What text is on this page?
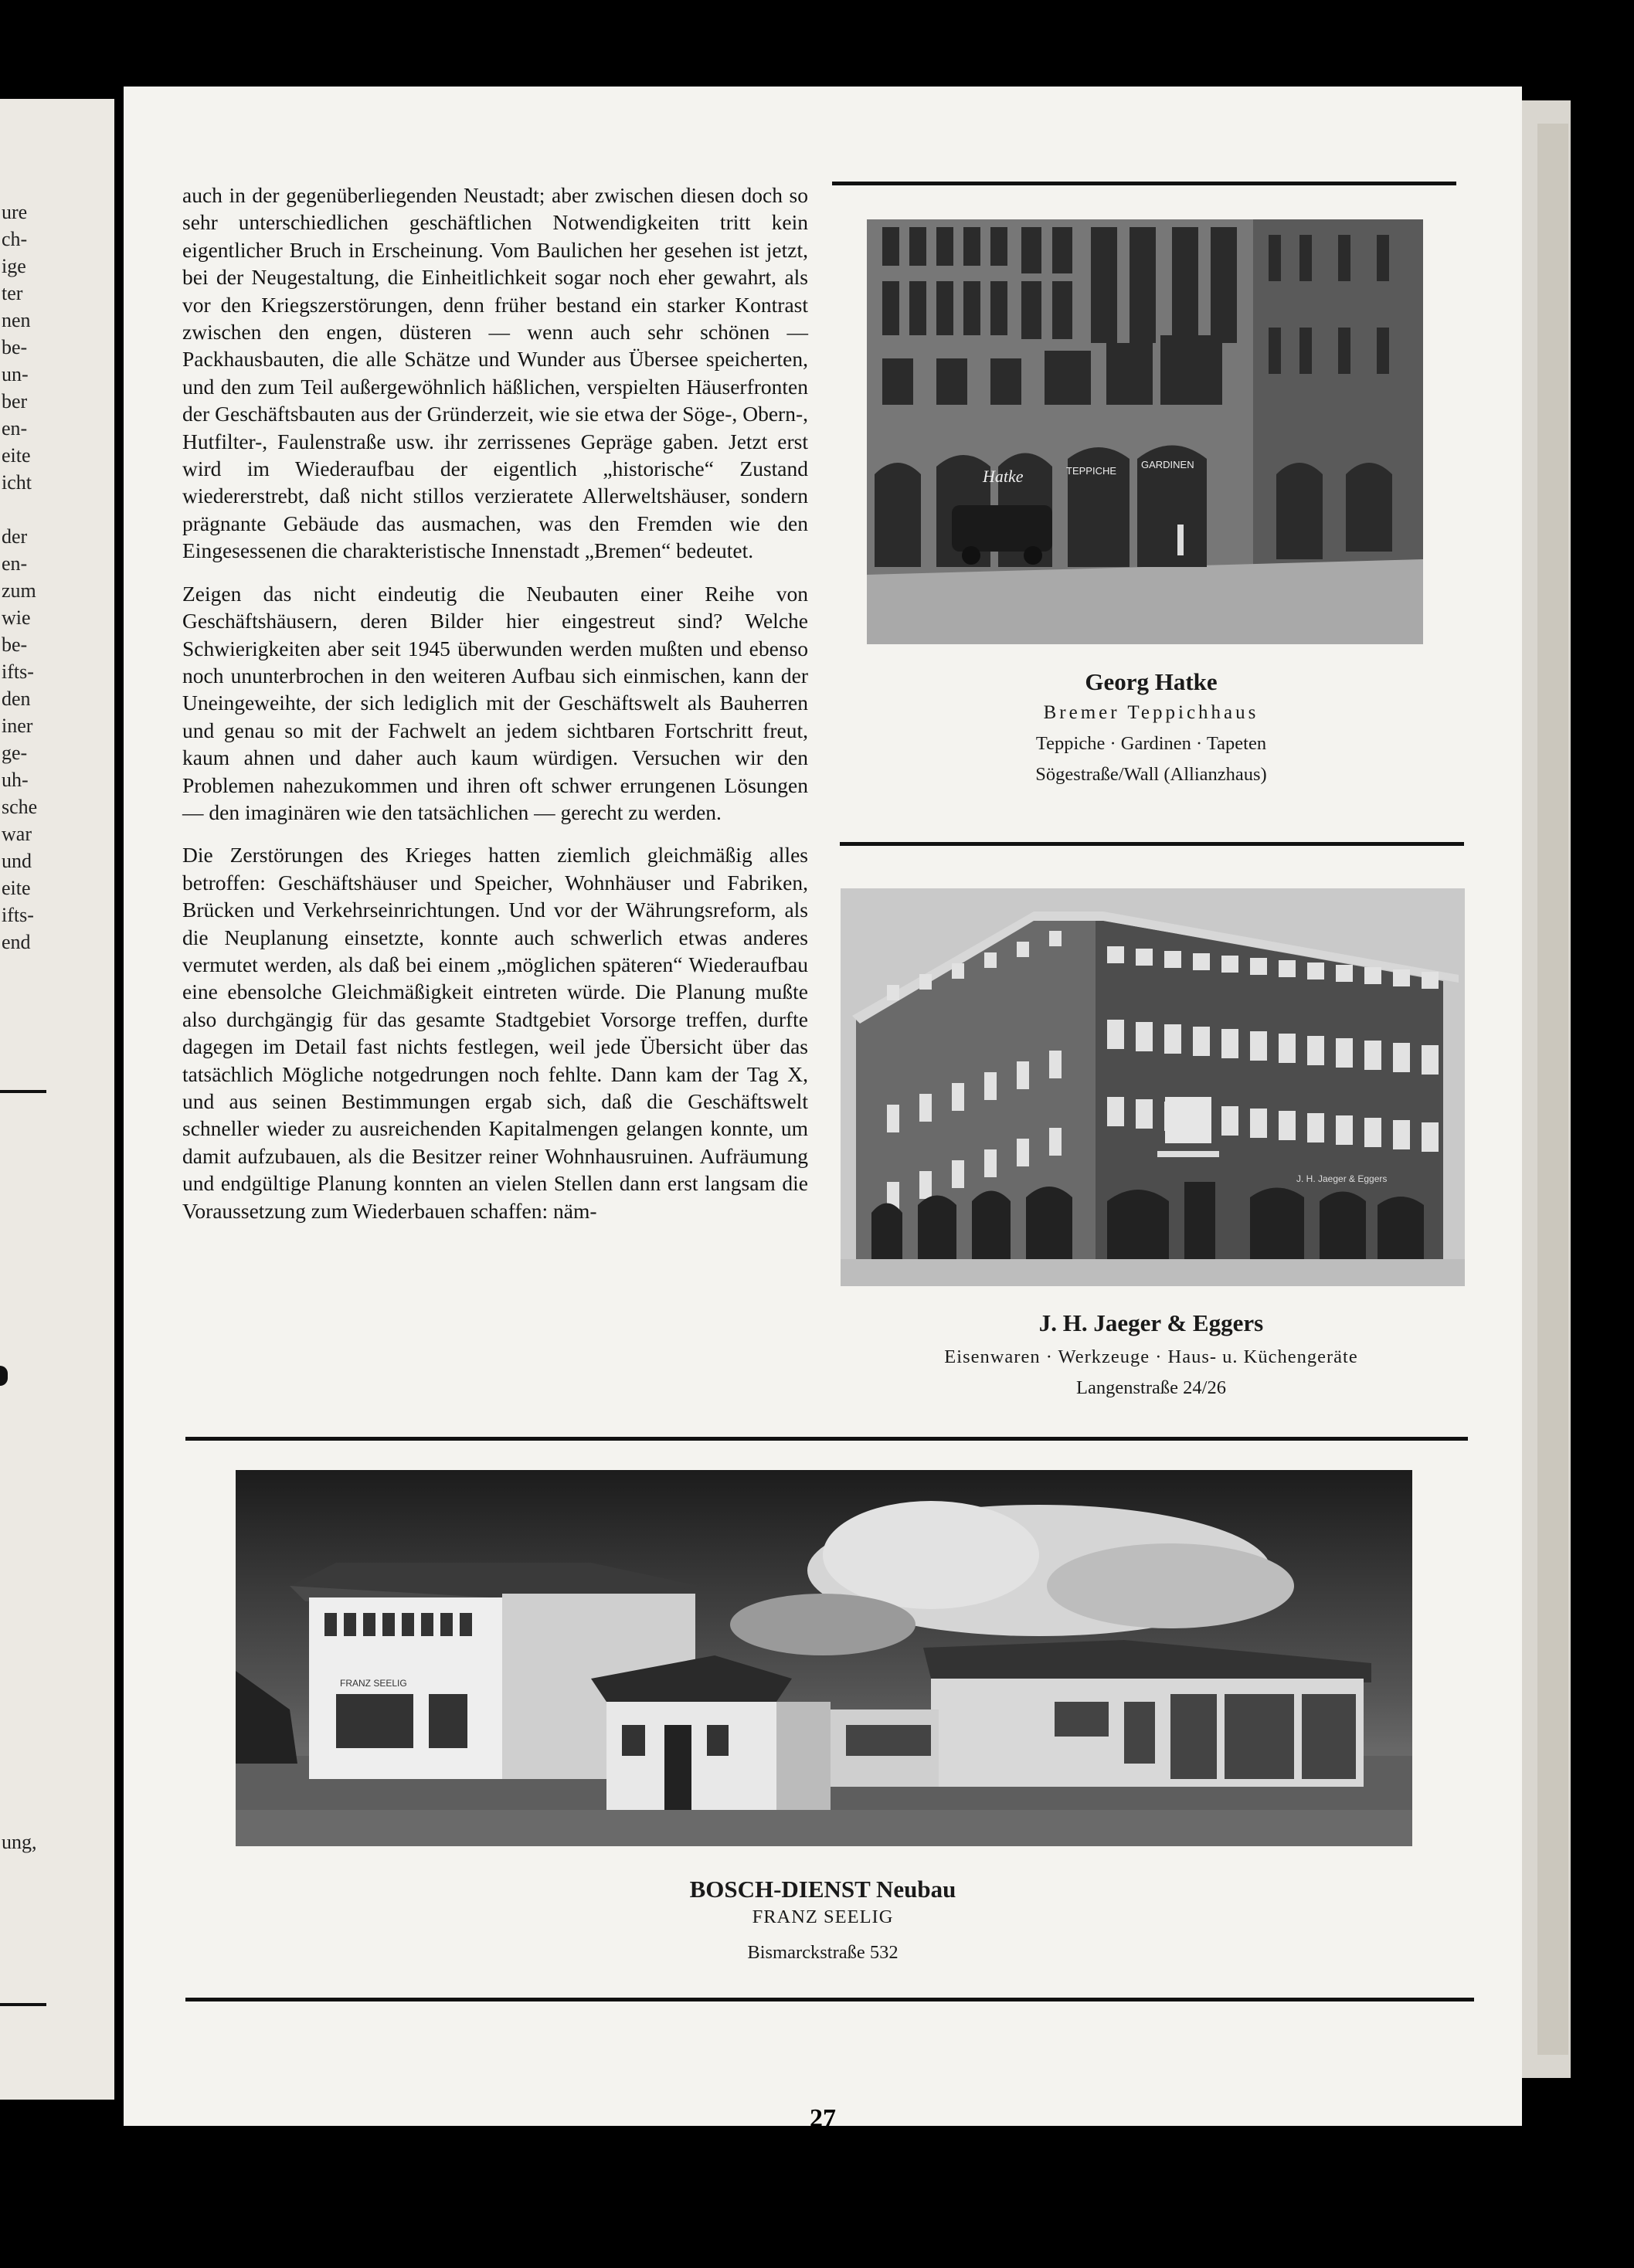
ure
ch-
ige
ter
nen
be-
un-
ber
en-
eite
icht
der
en-
zum
wie
be-
ifts-
den
iner
ge-
uh-
sche
war
und
eite
ifts-
end
ung,
27

auch in der gegenüberliegenden Neustadt; aber zwischen diesen doch so sehr unterschiedlichen geschäftlichen Notwendigkeiten tritt kein eigentlicher Bruch in Erscheinung. Vom Baulichen her gesehen ist jetzt, bei der Neugestaltung, die Einheitlichkeit sogar noch eher gewahrt, als vor den Kriegszerstörungen, denn früher bestand ein starker Kontrast zwischen den engen, düsteren — wenn auch sehr schönen — Packhausbauten, die alle Schätze und Wunder aus Übersee speicherten, und den zum Teil außergewöhnlich häßlichen, verspielten Häuserfronten der Geschäftsbauten aus der Gründerzeit, wie sie etwa der Söge-, Obern-, Hutfilter-, Faulenstraße usw. ihr zerrissenes Gepräge gaben. Jetzt erst wird im Wiederaufbau der eigentlich „historische“ Zustand wiedererstrebt, daß nicht stillos verzieratete Allerweltshäuser, sondern prägnante Gebäude das ausmachen, was den Fremden wie den Eingesessenen die charakteristische Innenstadt „Bremen“ bedeutet.

Zeigen das nicht eindeutig die Neubauten einer Reihe von Geschäftshäusern, deren Bilder hier eingestreut sind? Welche Schwierigkeiten aber seit 1945 überwunden werden mußten und ebenso noch ununterbrochen in den weiteren Aufbau sich einmischen, kann der Uneingeweihte, der sich lediglich mit der Geschäftswelt als Bauherren und genau so mit der Fachwelt an jedem sichtbaren Fortschritt freut, kaum ahnen und daher auch kaum würdigen. Versuchen wir den Problemen nahezukommen und ihren oft schwer errungenen Lösungen — den imaginären wie den tatsächlichen — gerecht zu werden.

Die Zerstörungen des Krieges hatten ziemlich gleichmäßig alles betroffen: Geschäftshäuser und Speicher, Wohnhäuser und Fabriken, Brücken und Verkehrseinrichtungen. Und vor der Währungsreform, als die Neuplanung einsetzte, konnte auch schwerlich etwas anderes vermutet werden, als daß bei einem „möglichen späteren“ Wiederaufbau eine ebensolche Gleichmäßigkeit eintreten würde. Die Planung mußte also durchgängig für das gesamte Stadtgebiet Vorsorge treffen, durfte dagegen im Detail fast nichts festlegen, weil jede Übersicht über das tatsächlich Mögliche notgedrungen noch fehlte. Dann kam der Tag X, und aus seinen Bestimmungen ergab sich, daß die Geschäftswelt schneller wieder zu ausreichenden Kapitalmengen gelangen konnte, um damit aufzubauen, als die Besitzer reiner Wohnhausruinen. Aufräumung und endgültige Planung konnten an vielen Stellen dann erst langsam die Voraussetzung zum Wiederbauen schaffen: näm-

Hatke	TEPPICHE
GARDINEN
Georg Hatke
Bremer Teppichhaus
Teppiche · Gardinen · Tapeten
Sögestraße/Wall (Allianzhaus)
J. H. Jaeger & Eggers
J. H. Jaeger & Eggers
Eisenwaren · Werkzeuge · Haus- u. Küchengeräte
Langenstraße 24/26
FRANZ SEELIG
BOSCH-DIENST Neubau
FRANZ SEELIG
Bismarckstraße 532
